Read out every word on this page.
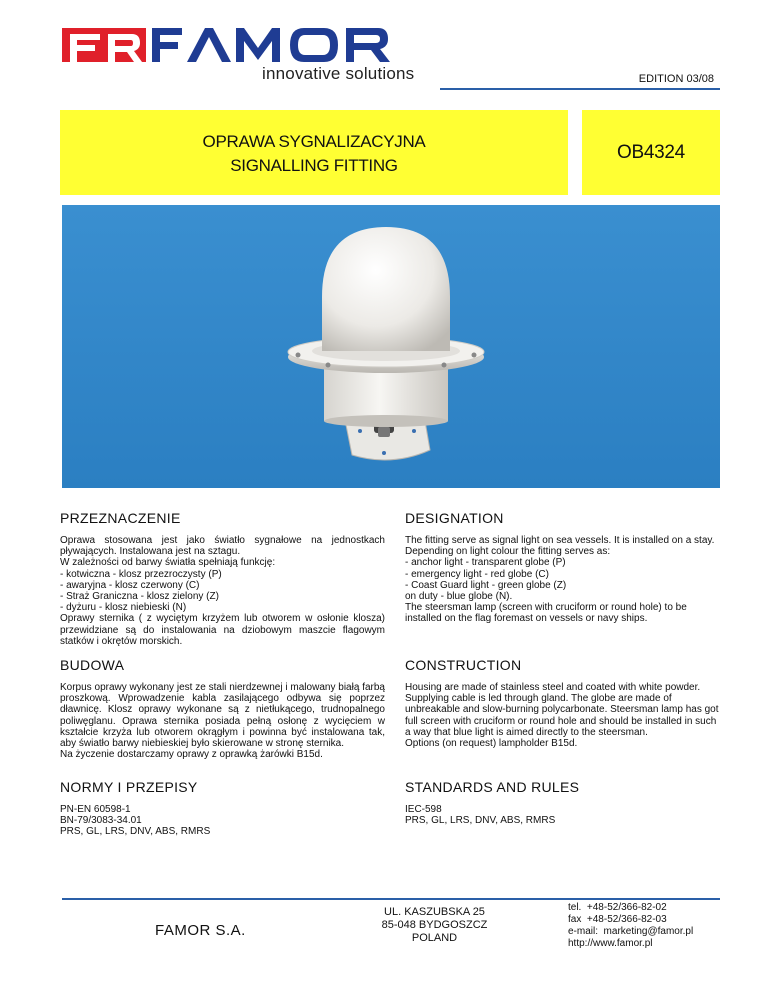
innovative solutions	EDITION 03/08
OPRAWA SYGNALIZACYJNA
SIGNALLING FITTING
OB4324
PRZEZNACZENIE
Oprawa stosowana jest jako światło sygnałowe na jednostkach pływających. Instalowana jest na sztagu.
W zależności od barwy światła spełniają funkcję:
- kotwiczna - klosz przezroczysty (P)
- awaryjna - klosz czerwony (C)
- Straż Graniczna - klosz zielony (Z)
- dyżuru - klosz niebieski (N)
Oprawy sternika ( z wyciętym krzyżem lub otworem w osłonie klosza) przewidziane są do instalowania na dziobowym maszcie flagowym statków i okrętów morskich.
DESIGNATION
The fitting serve as signal light on sea vessels. It is installed on a stay.
Depending on light colour the fitting serves as:
- anchor light - transparent globe (P)
- emergency light - red globe (C)
- Coast Guard light - green globe (Z)
on duty - blue globe (N).
The steersman lamp (screen with cruciform or round hole) to be installed on the flag foremast on vessels or navy ships.
BUDOWA
Korpus oprawy wykonany jest ze stali nierdzewnej i malowany białą farbą proszkową. Wprowadzenie kabla zasilającego odbywa się poprzez dławnicę. Klosz oprawy wykonane są z nietłukącego, trudnopalnego poliwęglanu. Oprawa sternika posiada pełną osłonę z wycięciem w kształcie krzyża lub otworem okrągłym i powinna być instalowana tak, aby światło barwy niebieskiej było skierowane w stronę sternika.
Na życzenie dostarczamy oprawy z oprawką żarówki B15d.
CONSTRUCTION
Housing are made of stainless steel and coated with white powder. Supplying cable is led through gland. The globe are made of unbreakable and slow-burning polycarbonate. Steersman lamp has got full screen with cruciform or round hole and should be installed in such a way that blue light is aimed directly to the steersman.
Options (on request) lampholder B15d.
NORMY I PRZEPISY
PN-EN 60598-1
BN-79/3083-34.01
PRS, GL, LRS, DNV, ABS, RMRS
STANDARDS AND RULES
IEC-598
PRS, GL, LRS, DNV, ABS, RMRS
FAMOR S.A.
UL. KASZUBSKA 25
85-048 BYDGOSZCZ
POLAND
tel.  +48-52/366-82-02
fax  +48-52/366-82-03
e-mail:  marketing@famor.pl
http://www.famor.pl
